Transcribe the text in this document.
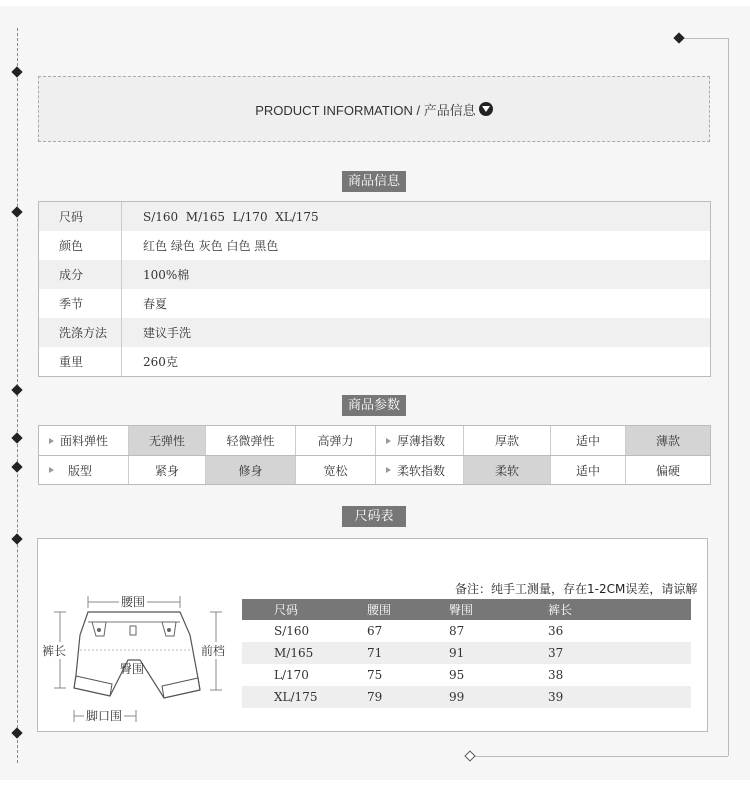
PRODUCT INFORMATION / 产品信息
商品信息
尺码	S/160  M/165  L/170  XL/175
颜色	红色 绿色 灰色 白色 黑色
成分	100%棉
季节	春夏
洗涤方法	建议手洗
重里	260克
商品参数
面料弹性	无弹性	轻微弹性	高弹力	厚薄指数	厚款	适中	薄款
版型	紧身	修身	宽松	柔软指数	柔软	适中	偏硬
尺码表
腰围
裤长	前档
臀围
脚口围
备注：纯手工测量，存在1-2CM误差，请谅解
尺码	腰围	臀围	裤长
S/160	67	87	36
M/165	71	91	37
L/170	75	95	38
XL/175	79	99	39
